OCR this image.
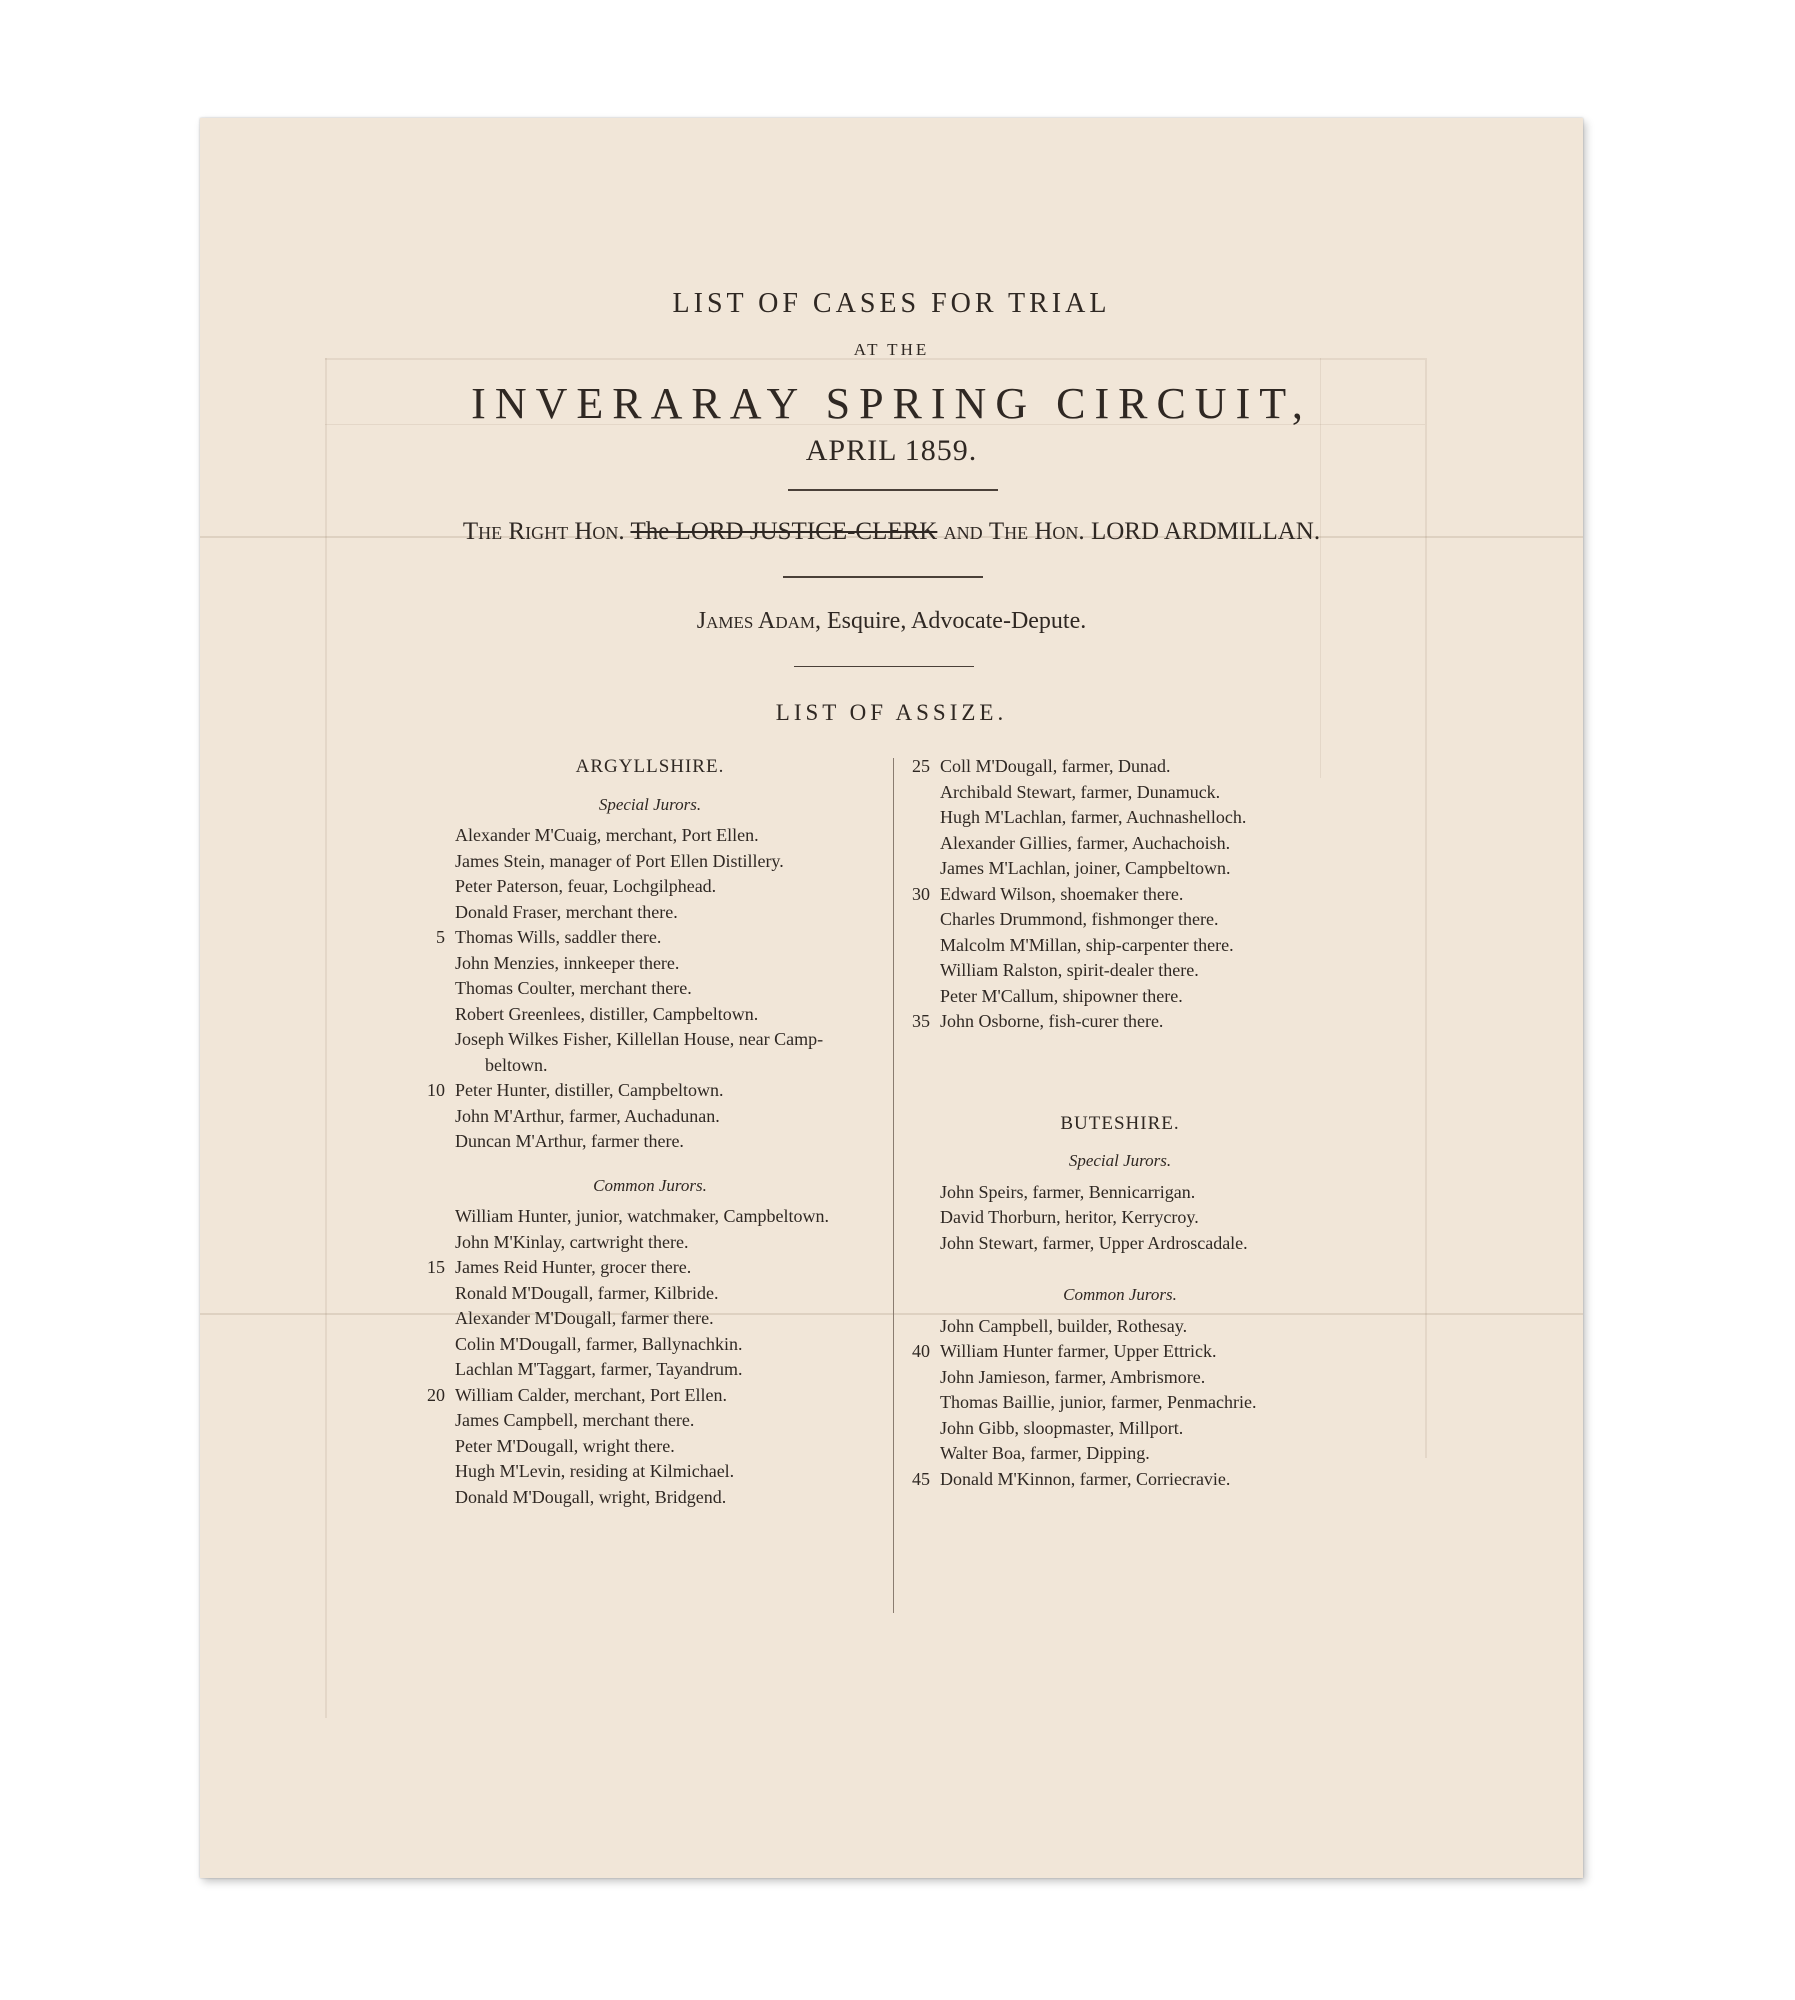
LIST OF CASES FOR TRIAL
AT THE
INVERARAY SPRING CIRCUIT,
APRIL 1859.
The Right Hon. The LORD JUSTICE-CLERK and The Hon. LORD ARDMILLAN.
James Adam, Esquire, Advocate-Depute.
LIST OF ASSIZE.
ARGYLLSHIRE.
Special Jurors.
Alexander M'Cuaig, merchant, Port Ellen.
James Stein, manager of Port Ellen Distillery.
Peter Paterson, feuar, Lochgilphead.
Donald Fraser, merchant there.
5 Thomas Wills, saddler there.
John Menzies, innkeeper there.
Thomas Coulter, merchant there.
Robert Greenlees, distiller, Campbeltown.
Joseph Wilkes Fisher, Killellan House, near Camp-
beltown.
10 Peter Hunter, distiller, Campbeltown.
John M'Arthur, farmer, Auchadunan.
Duncan M'Arthur, farmer there.
Common Jurors.
William Hunter, junior, watchmaker, Campbeltown.
John M'Kinlay, cartwright there.
15 James Reid Hunter, grocer there.
Ronald M'Dougall, farmer, Kilbride.
Alexander M'Dougall, farmer there.
Colin M'Dougall, farmer, Ballynachkin.
Lachlan M'Taggart, farmer, Tayandrum.
20 William Calder, merchant, Port Ellen.
James Campbell, merchant there.
Peter M'Dougall, wright there.
Hugh M'Levin, residing at Kilmichael.
Donald M'Dougall, wright, Bridgend.
25 Coll M'Dougall, farmer, Dunad.
Archibald Stewart, farmer, Dunamuck.
Hugh M'Lachlan, farmer, Auchnashelloch.
Alexander Gillies, farmer, Auchachoish.
James M'Lachlan, joiner, Campbeltown.
30 Edward Wilson, shoemaker there.
Charles Drummond, fishmonger there.
Malcolm M'Millan, ship-carpenter there.
William Ralston, spirit-dealer there.
Peter M'Callum, shipowner there.
35 John Osborne, fish-curer there.
BUTESHIRE.
Special Jurors.
John Speirs, farmer, Bennicarrigan.
David Thorburn, heritor, Kerrycroy.
John Stewart, farmer, Upper Ardroscadale.
Common Jurors.
John Campbell, builder, Rothesay.
40 William Hunter farmer, Upper Ettrick.
John Jamieson, farmer, Ambrismore.
Thomas Baillie, junior, farmer, Penmachrie.
John Gibb, sloopmaster, Millport.
Walter Boa, farmer, Dipping.
45 Donald M'Kinnon, farmer, Corriecravie.
